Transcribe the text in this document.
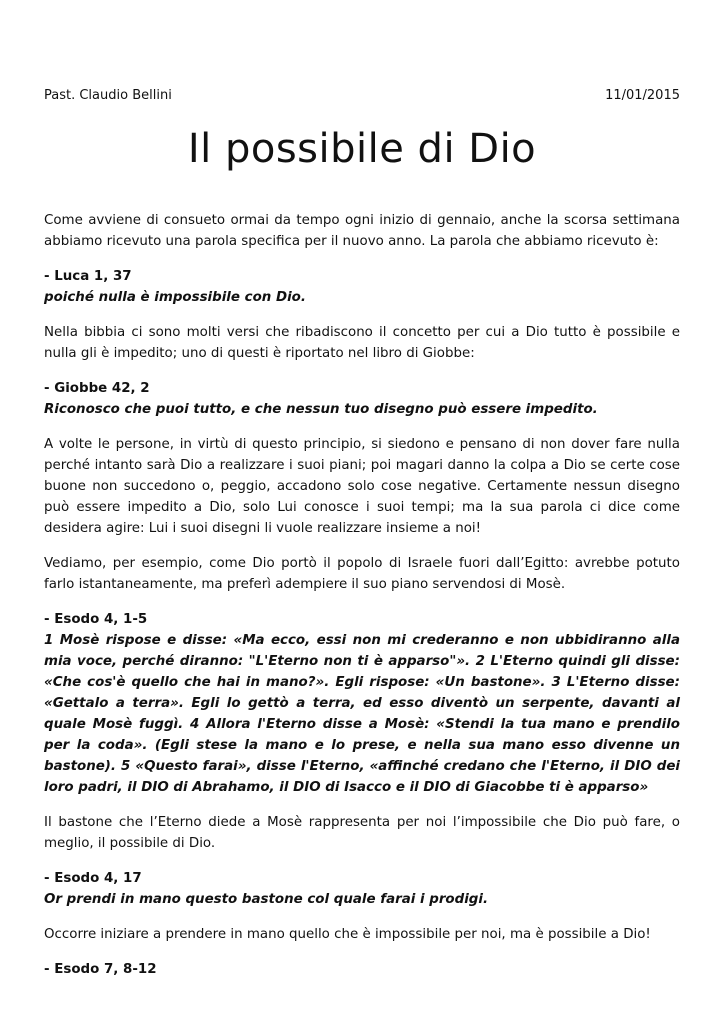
Past. Claudio Bellini	11/01/2015
Il possibile di Dio

Come avviene di consueto ormai da tempo ogni inizio di gennaio, anche la scorsa settimana abbiamo ricevuto una parola specifica per il nuovo anno. La parola che abbiamo ricevuto è:

- Luca 1, 37

poiché nulla è impossibile con Dio.

Nella bibbia ci sono molti versi che ribadiscono il concetto per cui a Dio tutto è possibile e nulla gli è impedito; uno di questi è riportato nel libro di Giobbe:

- Giobbe 42, 2

Riconosco che puoi tutto, e che nessun tuo disegno può essere impedito.

A volte le persone, in virtù di questo principio, si siedono e pensano di non dover fare nulla perché intanto sarà Dio a realizzare i suoi piani; poi magari danno la colpa a Dio se certe cose buone non succedono o, peggio, accadono solo cose negative. Certamente nessun disegno può essere impedito a Dio, solo Lui conosce i suoi tempi; ma la sua parola ci dice come desidera agire: Lui i suoi disegni li vuole realizzare insieme a noi!

Vediamo, per esempio, come Dio portò il popolo di Israele fuori dall’Egitto: avrebbe potuto farlo istantaneamente, ma preferì adempiere il suo piano servendosi di Mosè.

- Esodo 4, 1-5

1 Mosè rispose e disse: «Ma ecco, essi non mi crederanno e non ubbidiranno alla mia voce, perché diranno: "L'Eterno non ti è apparso"». 2 L'Eterno quindi gli disse: «Che cos'è quello che hai in mano?». Egli rispose: «Un bastone». 3 L'Eterno disse: «Gettalo a terra». Egli lo gettò a terra, ed esso diventò un serpente, davanti al quale Mosè fuggì. 4 Allora l'Eterno disse a Mosè: «Stendi la tua mano e prendilo per la coda». (Egli stese la mano e lo prese, e nella sua mano esso divenne un bastone). 5 «Questo farai», disse l'Eterno, «affinché credano che l'Eterno, il DIO dei loro padri, il DIO di Abrahamo, il DIO di Isacco e il DIO di Giacobbe ti è apparso»

Il bastone che l’Eterno diede a Mosè rappresenta per noi l’impossibile che Dio può fare, o meglio, il possibile di Dio.

- Esodo 4, 17

Or prendi in mano questo bastone col quale farai i prodigi.

Occorre iniziare a prendere in mano quello che è impossibile per noi, ma è possibile a Dio!

- Esodo 7, 8-12
